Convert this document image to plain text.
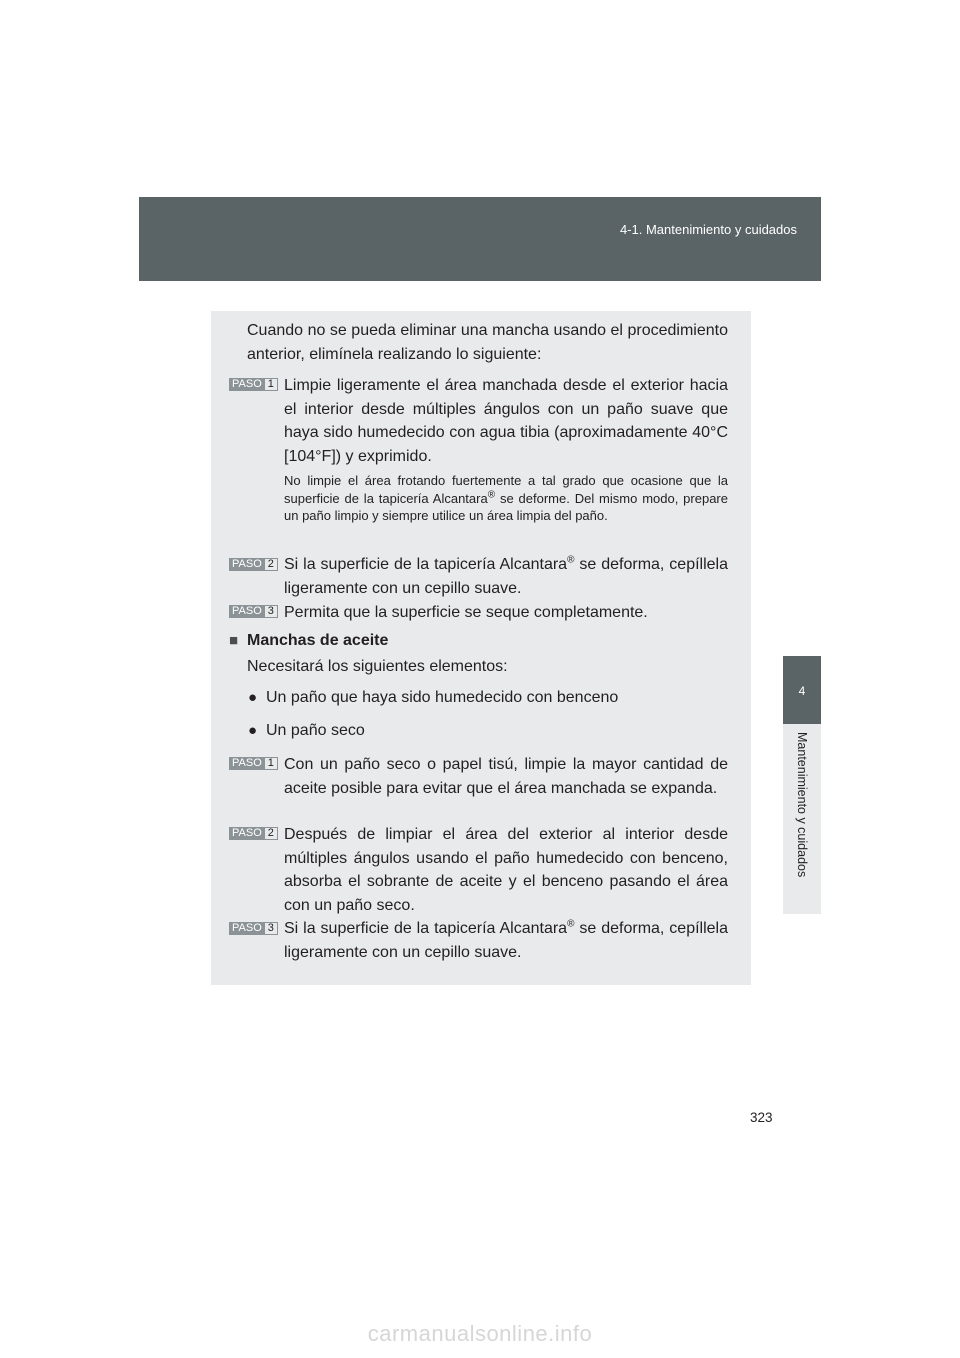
4-1. Mantenimiento y cuidados
4
Mantenimiento y cuidados
Cuando no se pueda eliminar una mancha usando el procedimiento anterior, elimínela realizando lo siguiente:
PASO 1 Limpie ligeramente el área manchada desde el exterior hacia el interior desde múltiples ángulos con un paño suave que haya sido humedecido con agua tibia (aproximadamente 40°C [104°F]) y exprimido.
No limpie el área frotando fuertemente a tal grado que ocasione que la superficie de la tapicería Alcantara® se deforme. Del mismo modo, prepare un paño limpio y siempre utilice un área limpia del paño.
PASO 2 Si la superficie de la tapicería Alcantara® se deforma, cepíllela ligeramente con un cepillo suave.
PASO 3 Permita que la superficie se seque completamente.
■ Manchas de aceite
Necesitará los siguientes elementos:
● Un paño que haya sido humedecido con benceno
● Un paño seco
PASO 1 Con un paño seco o papel tisú, limpie la mayor cantidad de aceite posible para evitar que el área manchada se expanda.
PASO 2 Después de limpiar el área del exterior al interior desde múltiples ángulos usando el paño humedecido con benceno, absorba el sobrante de aceite y el benceno pasando el área con un paño seco.
PASO 3 Si la superficie de la tapicería Alcantara® se deforma, cepíllela ligeramente con un cepillo suave.
323
carmanualsonline.info
